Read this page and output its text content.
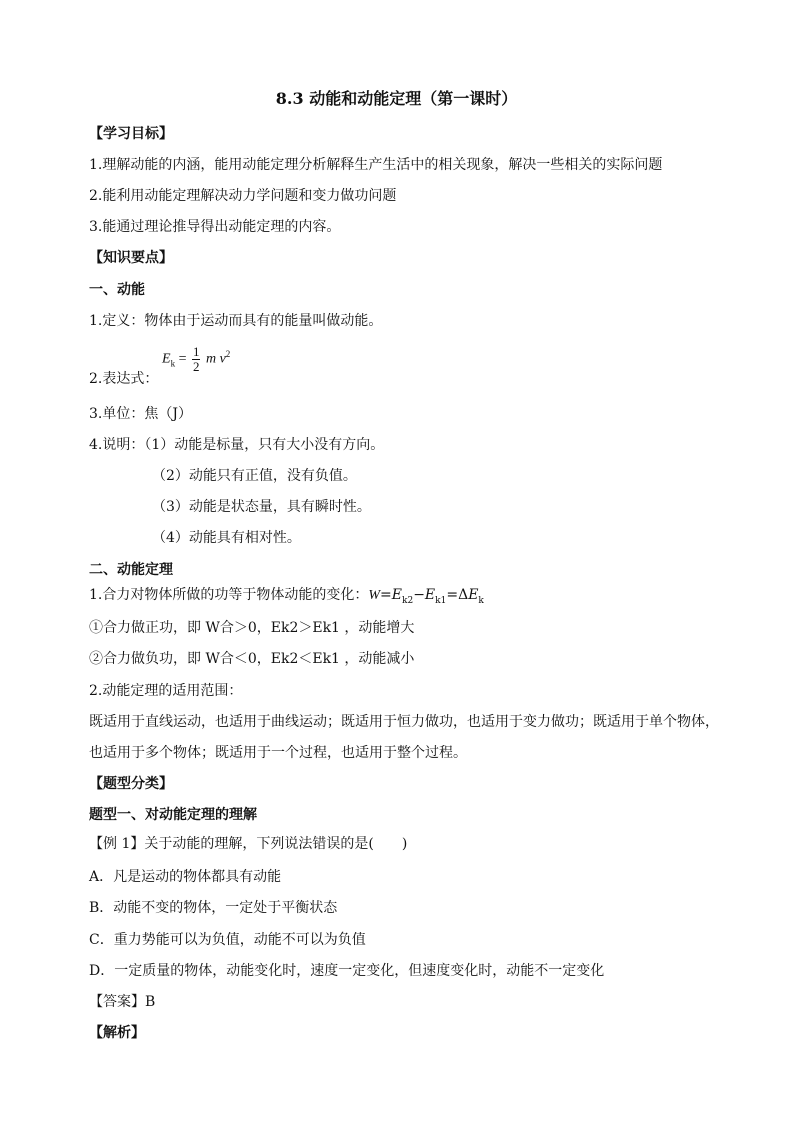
8.3 动能和动能定理（第一课时）
【学习目标】
1.理解动能的内涵，能用动能定理分析解释生产生活中的相关现象，解决一些相关的实际问题
2.能利用动能定理解决动力学问题和变力做功问题
3.能通过理论推导得出动能定理的内容。
【知识要点】
一、动能
1.定义：物体由于运动而具有的能量叫做动能。
2.表达式：
$E_k = \frac{1}{2}$ m $v^2$
3.单位：焦（J）
4.说明：（1）动能是标量，只有大小没有方向。
（2）动能只有正值，没有负值。
（3）动能是状态量，具有瞬时性。
（4）动能具有相对性。
二、动能定理
1.合力对物体所做的功等于物体动能的变化：$W=E_{k2}-E_{k1}=\Delta E_k$
①合力做正功，即 W合＞0，Ek2＞Ek1 ，动能增大
②合力做负功，即 W合＜0，Ek2＜Ek1 ，动能减小
2.动能定理的适用范围：
既适用于直线运动，也适用于曲线运动；既适用于恒力做功，也适用于变力做功；既适用于单个物体，
也适用于多个物体；既适用于一个过程，也适用于整个过程。
【题型分类】
题型一、对动能定理的理解
【例 1】关于动能的理解，下列说法错误的是(　　)
A．凡是运动的物体都具有动能
B．动能不变的物体，一定处于平衡状态
C．重力势能可以为负值，动能不可以为负值
D．一定质量的物体，动能变化时，速度一定变化，但速度变化时，动能不一定变化
【答案】B
【解析】
